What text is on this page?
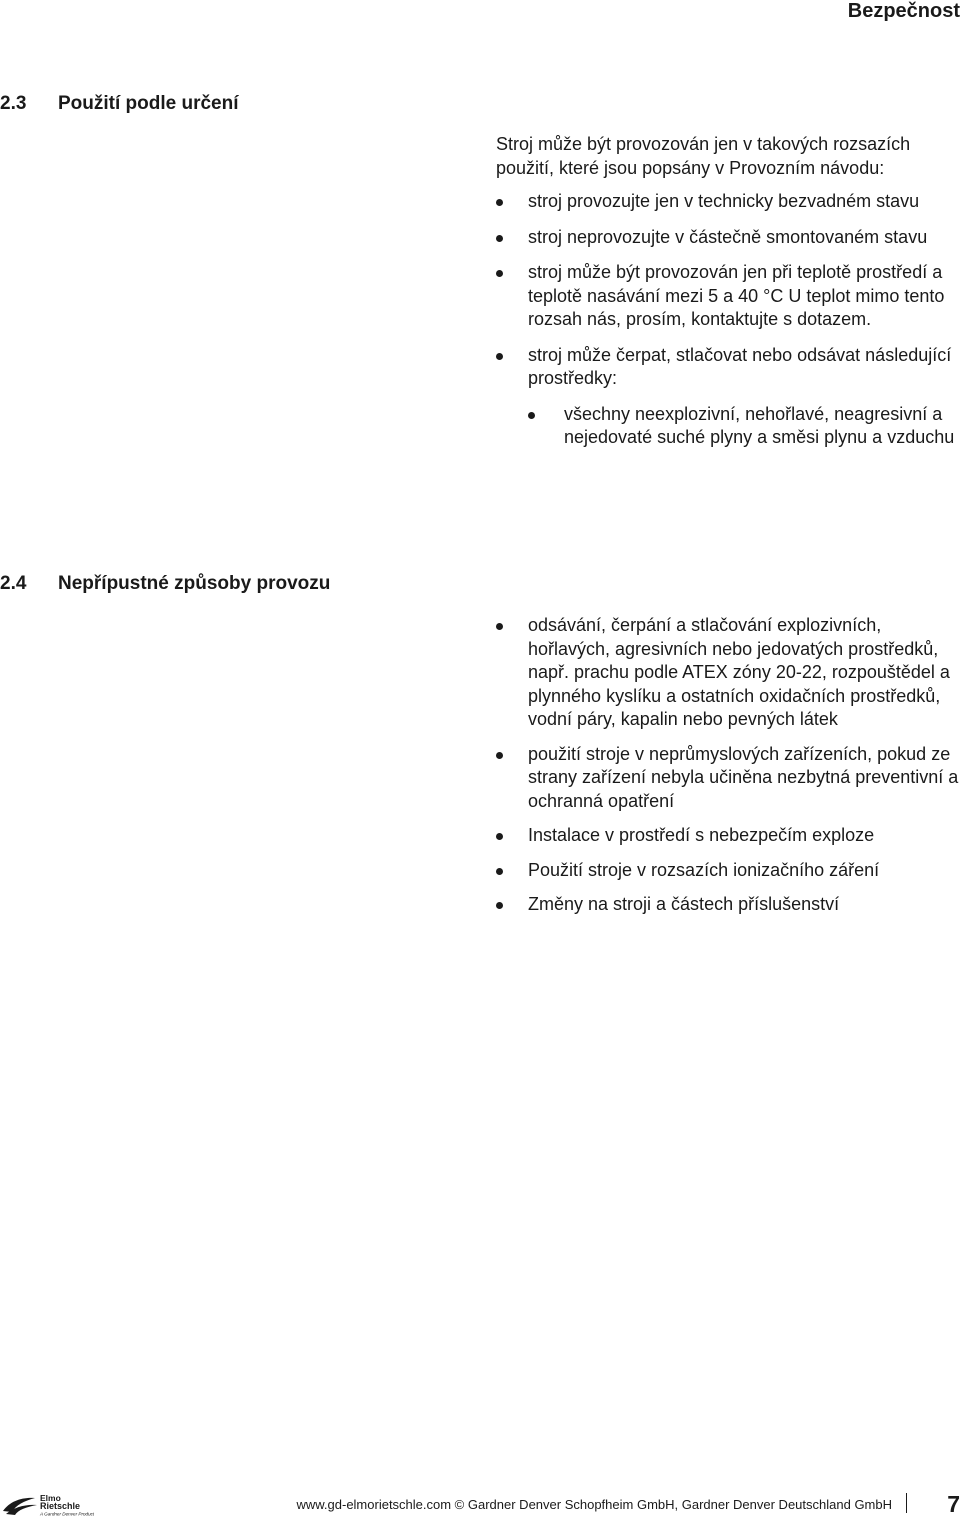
Bezpečnost
2.3 Použití podle určení

Stroj může být provozován jen v takových rozsazích použití, které jsou popsány v Provozním návodu:

stroj provozujte jen v technicky bezvadném stavu
stroj neprovozujte v částečně smontovaném stavu
stroj může být provozován jen při teplotě prostředí a teplotě nasávání mezi 5 a 40 °C U teplot mimo tento rozsah nás, prosím, kontaktujte s dotazem.
stroj může čerpat, stlačovat nebo odsávat následující prostředky:
všechny neexplozivní, nehořlavé, neagresivní a nejedovaté suché plyny a směsi plynu a vzduchu
2.4 Nepřípustné způsoby provozu
odsávání, čerpání a stlačování explozivních, hořlavých, agresivních nebo jedovatých prostředků, např. prachu podle ATEX zóny 20-22, rozpouštědel a plynného kyslíku a ostatních oxidačních prostředků, vodní páry, kapalin nebo pevných látek
použití stroje v neprůmyslových zařízeních, pokud ze strany zařízení nebyla učiněna nezbytná preventivní a ochranná opatření
Instalace v prostředí s nebezpečím exploze
Použití stroje v rozsazích ionizačního záření
Změny na stroji a částech příslušenství
Elmo
Rietschle
A Gardner Denver Product
www.gd-elmorietschle.com © Gardner Denver Schopfheim GmbH, Gardner Denver Deutschland GmbH 7
